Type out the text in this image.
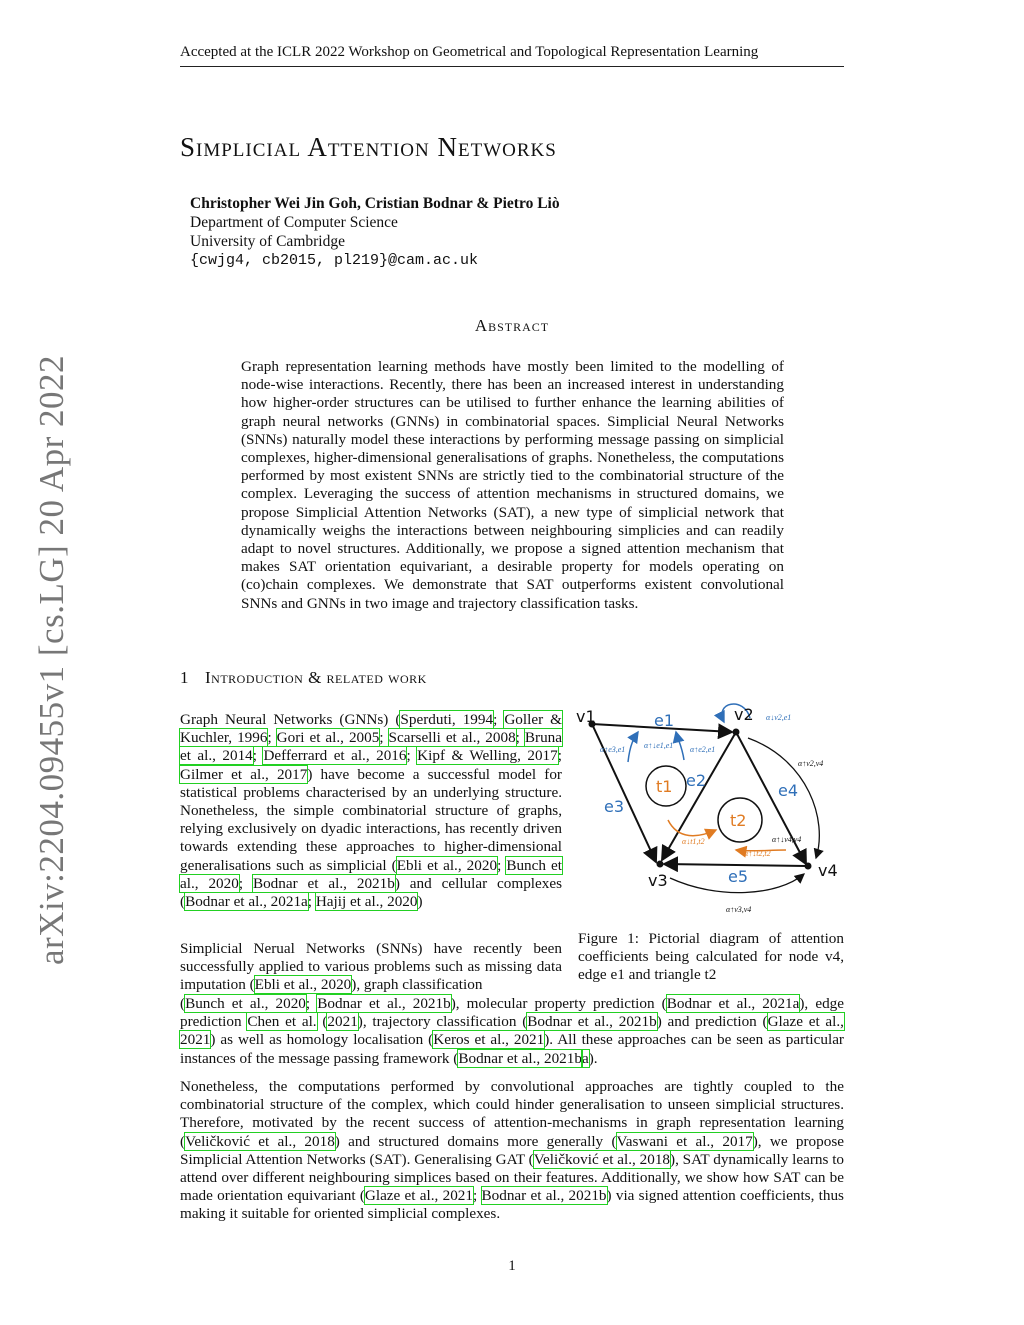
Accepted at the ICLR 2022 Workshop on Geometrical and Topological Representation Learning
arXiv:2204.09455v1 [cs.LG] 20 Apr 2022
Simplicial Attention Networks
Christopher Wei Jin Goh, Cristian Bodnar & Pietro Liò
Department of Computer Science
University of Cambridge
{cwjg4, cb2015, pl219}@cam.ac.uk
Abstract
Graph representation learning methods have mostly been limited to the modelling of node-wise interactions. Recently, there has been an increased interest in understanding how higher-order structures can be utilised to further enhance the learning abilities of graph neural networks (GNNs) in combinatorial spaces. Simplicial Neural Networks (SNNs) naturally model these interactions by performing message passing on simplicial complexes, higher-dimensional generalisations of graphs. Nonetheless, the computations performed by most existent SNNs are strictly tied to the combinatorial structure of the complex. Leveraging the success of attention mechanisms in structured domains, we propose Simplicial Attention Networks (SAT), a new type of simplicial network that dynamically weighs the interactions between neighbouring simplicies and can readily adapt to novel structures. Additionally, we propose a signed attention mechanism that makes SAT orientation equivariant, a desirable property for models operating on (co)chain complexes. We demonstrate that SAT outperforms existent convolutional SNNs and GNNs in two image and trajectory classification tasks.
1 Introduction & related work
Graph Neural Networks (GNNs) (Sperduti, 1994; Goller & Kuchler, 1996; Gori et al., 2005; Scarselli et al., 2008; Bruna et al., 2014; Defferrard et al., 2016; Kipf & Welling, 2017; Gilmer et al., 2017) have become a successful model for statistical problems characterised by an underlying structure. Nonetheless, the simple combinatorial structure of graphs, relying exclusively on dyadic interactions, has recently driven towards extending these approaches to higher-dimensional generalisations such as simplicial (Ebli et al., 2020; Bunch et al., 2020; Bodnar et al., 2021b) and cellular complexes (Bodnar et al., 2021a; Hajij et al., 2020)
Simplicial Nerual Networks (SNNs) have recently been successfully applied to various problems such as missing data imputation (Ebli et al., 2020), graph classification
(Bunch et al., 2020; Bodnar et al., 2021b), molecular property prediction (Bodnar et al., 2021a), edge prediction Chen et al. (2021), trajectory classification (Bodnar et al., 2021b) and prediction (Glaze et al., 2021) as well as homology localisation (Keros et al., 2021). All these approaches can be seen as particular instances of the message passing framework (Bodnar et al., 2021ba).
Nonetheless, the computations performed by convolutional approaches are tightly coupled to the combinatorial structure of the complex, which could hinder generalisation to unseen simplicial structures. Therefore, motivated by the recent success of attention-mechanisms in graph representation learning (Veličković et al., 2018) and structured domains more generally (Vaswani et al., 2017), we propose Simplicial Attention Networks (SAT). Generalising GAT (Veličković et al., 2018), SAT dynamically learns to attend over different neighbouring simplices based on their features. Additionally, we show how SAT can be made orientation equivariant (Glaze et al., 2021; Bodnar et al., 2021b) via signed attention coefficients, thus making it suitable for oriented simplicial complexes.
v1	v2
v3
v4
e1
e2
e3
e4
e5
t1
t2
α↓v2,e1
α↑e3,e1 α↑↓e1,e1 α↑e2,e1
α↑v2,v4
α↑↓v4,v4
α↓t1,t2
α↑↓t2,t2
α↑v3,v4
Figure 1: Pictorial diagram of attention coefficients being calculated for node v4, edge e1 and triangle t2
1
